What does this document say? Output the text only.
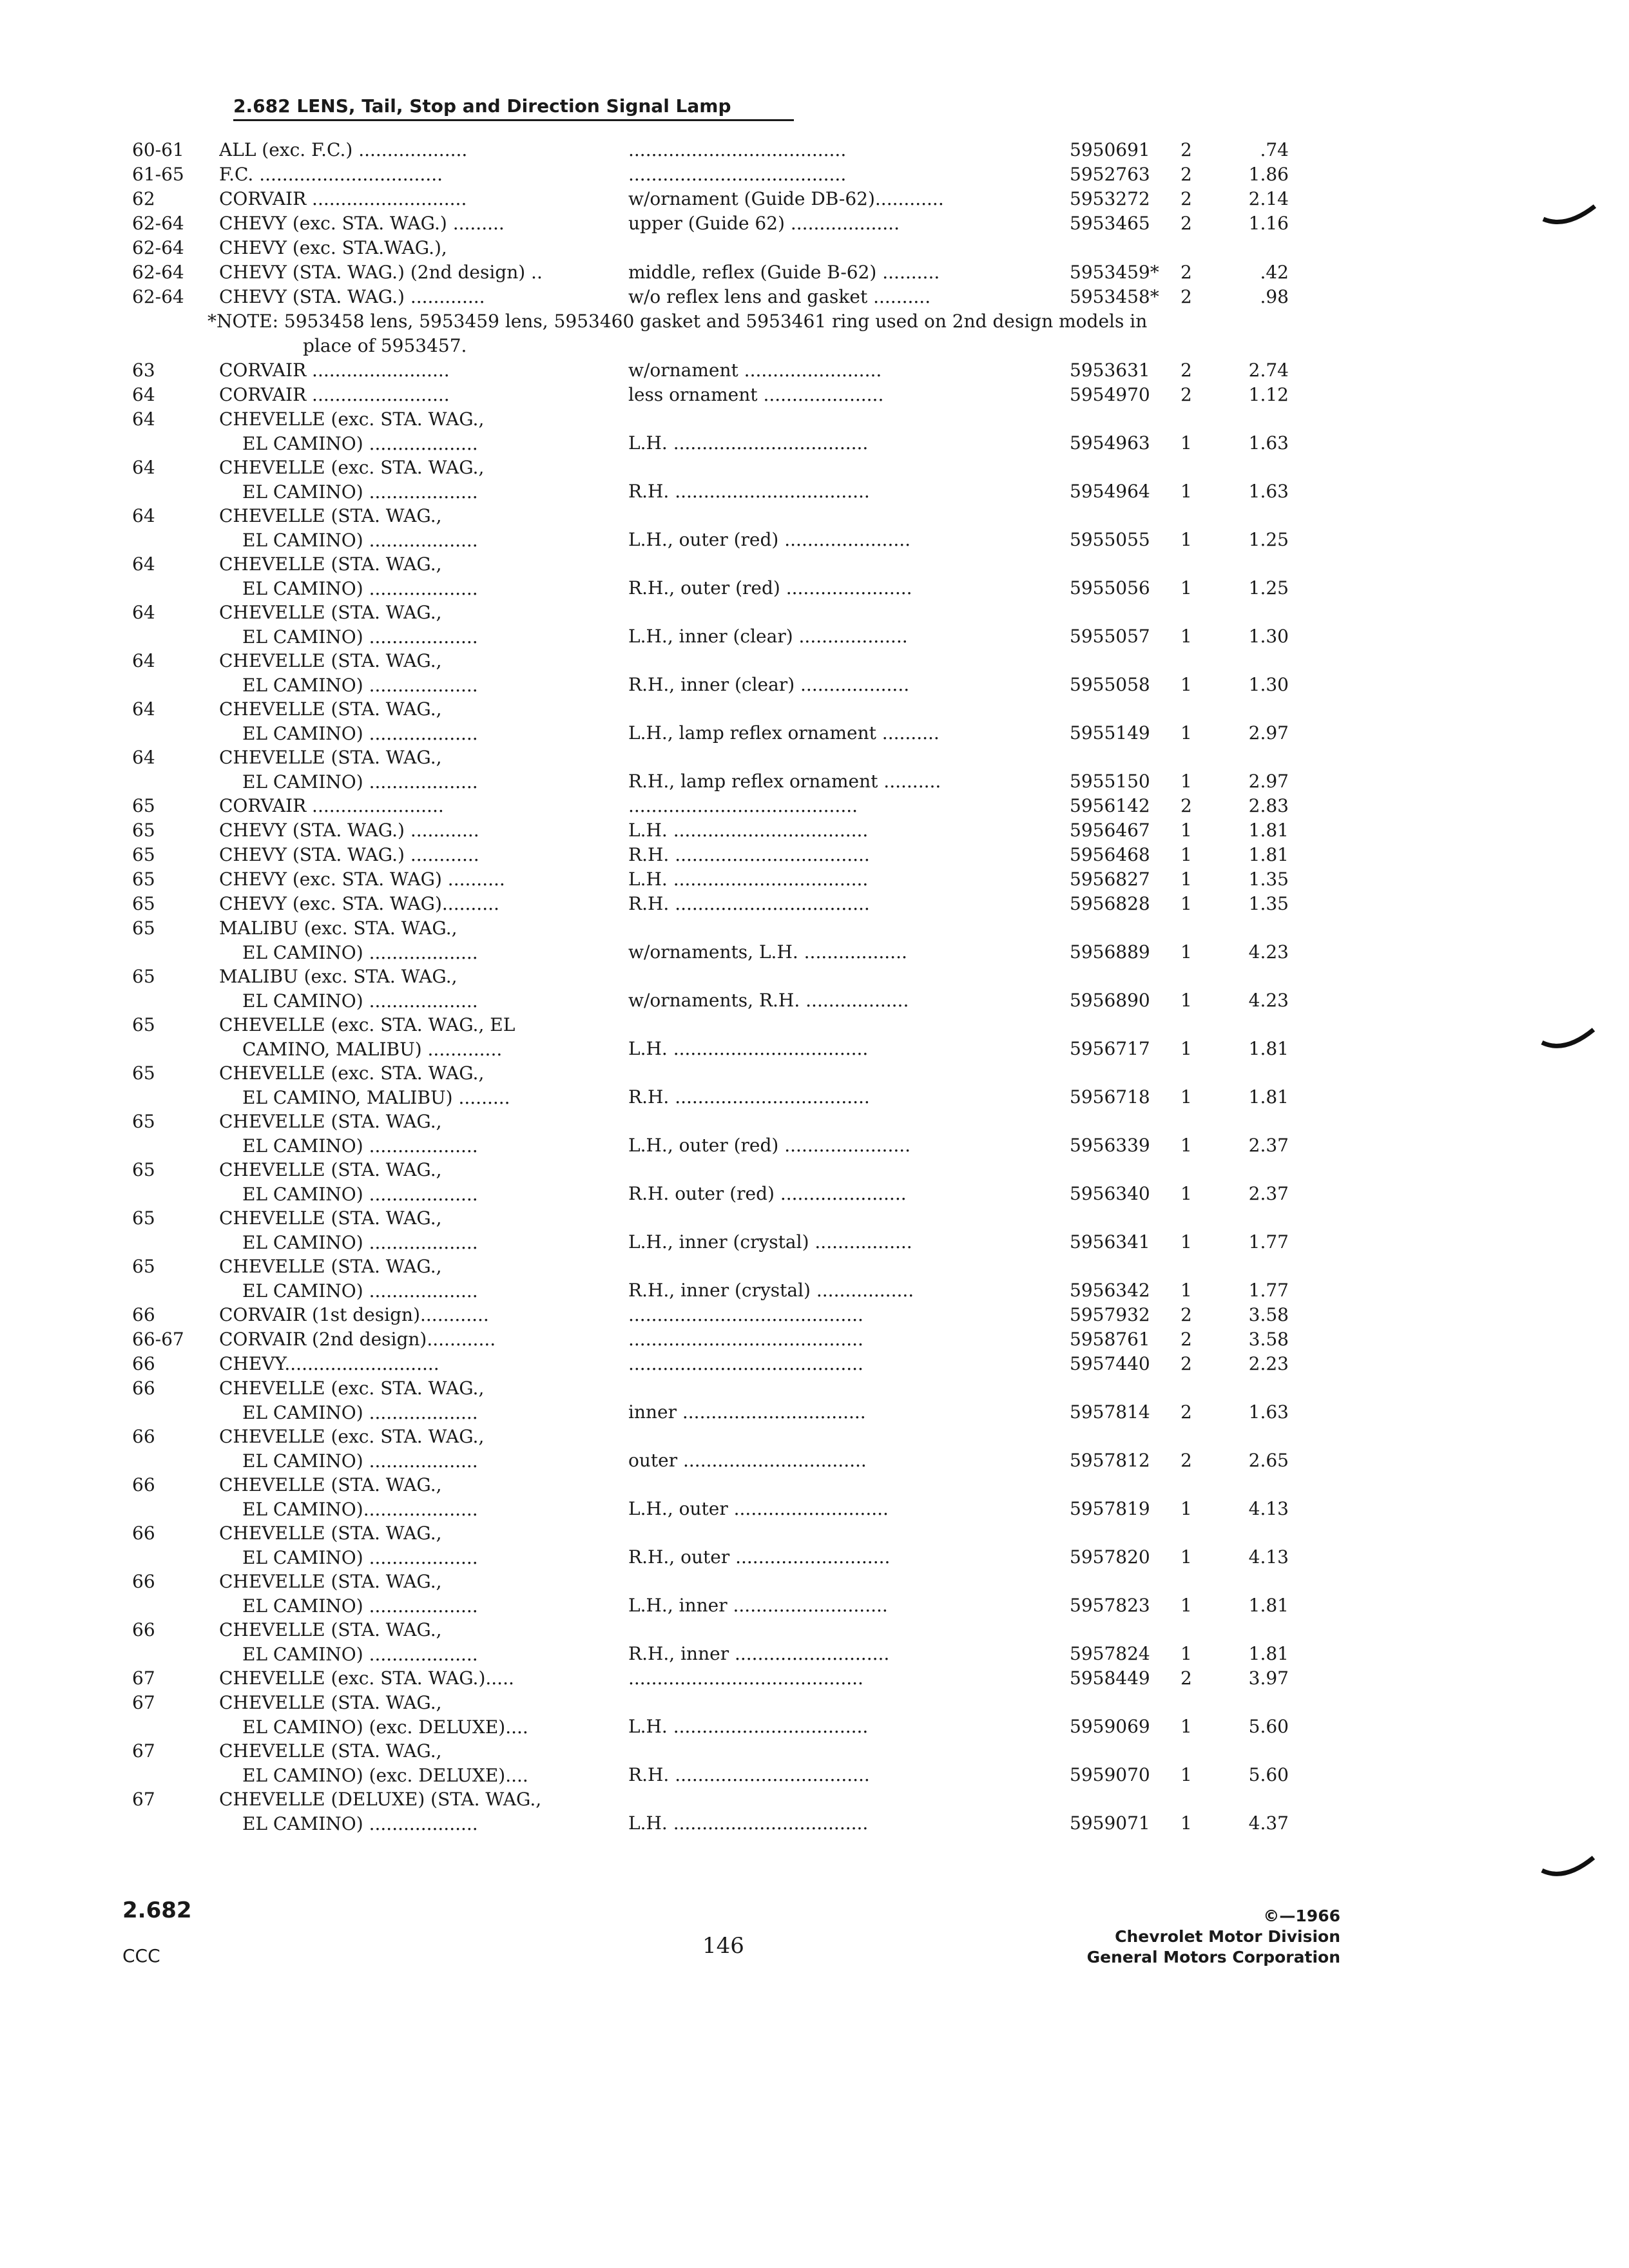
2.682 LENS, Tail, Stop and Direction Signal Lamp
60-61	ALL (exc. F.C.) ...................	......................................	5950691	2	.74
61-65	F.C. ................................	......................................	5952763	2	1.86
62	CORVAIR ...........................	w/ornament (Guide DB-62)............	5953272	2	2.14
62-64	CHEVY (exc. STA. WAG.) .........	upper (Guide 62) ...................	5953465	2	1.16
62-64	CHEVY (exc. STA.WAG.),
62-64	CHEVY (STA. WAG.) (2nd design) ..	middle, reflex (Guide B-62) ..........	5953459*	2	.42
62-64	CHEVY (STA. WAG.) .............	w/o reflex lens and gasket ..........	5953458*	2	.98
*NOTE: 5953458 lens, 5953459 lens, 5953460 gasket and 5953461 ring used on 2nd design models in
place of 5953457.
63	CORVAIR ........................	w/ornament ........................	5953631	2	2.74
64	CORVAIR ........................	less ornament .....................	5954970	2	1.12
64	CHEVELLE (exc. STA. WAG.,
EL CAMINO) ...................	L.H. ..................................	5954963	1	1.63
64	CHEVELLE (exc. STA. WAG.,
EL CAMINO) ...................	R.H. ..................................	5954964	1	1.63
64	CHEVELLE (STA. WAG.,
EL CAMINO) ...................	L.H., outer (red) ......................	5955055	1	1.25
64	CHEVELLE (STA. WAG.,
EL CAMINO) ...................	R.H., outer (red) ......................	5955056	1	1.25
64	CHEVELLE (STA. WAG.,
EL CAMINO) ...................	L.H., inner (clear) ...................	5955057	1	1.30
64	CHEVELLE (STA. WAG.,
EL CAMINO) ...................	R.H., inner (clear) ...................	5955058	1	1.30
64	CHEVELLE (STA. WAG.,
EL CAMINO) ...................	L.H., lamp reflex ornament ..........	5955149	1	2.97
64	CHEVELLE (STA. WAG.,
EL CAMINO) ...................	R.H., lamp reflex ornament ..........	5955150	1	2.97
65	CORVAIR .......................	........................................	5956142	2	2.83
65	CHEVY (STA. WAG.) ............	L.H. ..................................	5956467	1	1.81
65	CHEVY (STA. WAG.) ............	R.H. ..................................	5956468	1	1.81
65	CHEVY (exc. STA. WAG) ..........	L.H. ..................................	5956827	1	1.35
65	CHEVY (exc. STA. WAG)..........	R.H. ..................................	5956828	1	1.35
65	MALIBU (exc. STA. WAG.,
EL CAMINO) ...................	w/ornaments, L.H. ..................	5956889	1	4.23
65	MALIBU (exc. STA. WAG.,
EL CAMINO) ...................	w/ornaments, R.H. ..................	5956890	1	4.23
65	CHEVELLE (exc. STA. WAG., EL
CAMINO, MALIBU) .............	L.H. ..................................	5956717	1	1.81
65	CHEVELLE (exc. STA. WAG.,
EL CAMINO, MALIBU) .........	R.H. ..................................	5956718	1	1.81
65	CHEVELLE (STA. WAG.,
EL CAMINO) ...................	L.H., outer (red) ......................	5956339	1	2.37
65	CHEVELLE (STA. WAG.,
EL CAMINO) ...................	R.H. outer (red) ......................	5956340	1	2.37
65	CHEVELLE (STA. WAG.,
EL CAMINO) ...................	L.H., inner (crystal) .................	5956341	1	1.77
65	CHEVELLE (STA. WAG.,
EL CAMINO) ...................	R.H., inner (crystal) .................	5956342	1	1.77
66	CORVAIR (1st design)............	.........................................	5957932	2	3.58
66-67	CORVAIR (2nd design)............	.........................................	5958761	2	3.58
66	CHEVY...........................	.........................................	5957440	2	2.23
66	CHEVELLE (exc. STA. WAG.,
EL CAMINO) ...................	inner ................................	5957814	2	1.63
66	CHEVELLE (exc. STA. WAG.,
EL CAMINO) ...................	outer ................................	5957812	2	2.65
66	CHEVELLE (STA. WAG.,
EL CAMINO)....................	L.H., outer ...........................	5957819	1	4.13
66	CHEVELLE (STA. WAG.,
EL CAMINO) ...................	R.H., outer ...........................	5957820	1	4.13
66	CHEVELLE (STA. WAG.,
EL CAMINO) ...................	L.H., inner ...........................	5957823	1	1.81
66	CHEVELLE (STA. WAG.,
EL CAMINO) ...................	R.H., inner ...........................	5957824	1	1.81
67	CHEVELLE (exc. STA. WAG.).....	.........................................	5958449	2	3.97
67	CHEVELLE (STA. WAG.,
EL CAMINO) (exc. DELUXE)....	L.H. ..................................	5959069	1	5.60
67	CHEVELLE (STA. WAG.,
EL CAMINO) (exc. DELUXE)....	R.H. ..................................	5959070	1	5.60
67	CHEVELLE (DELUXE) (STA. WAG.,
EL CAMINO) ...................	L.H. ..................................	5959071	1	4.37
2.682
CCC	146
©—1966
Chevrolet Motor Division
General Motors Corporation
